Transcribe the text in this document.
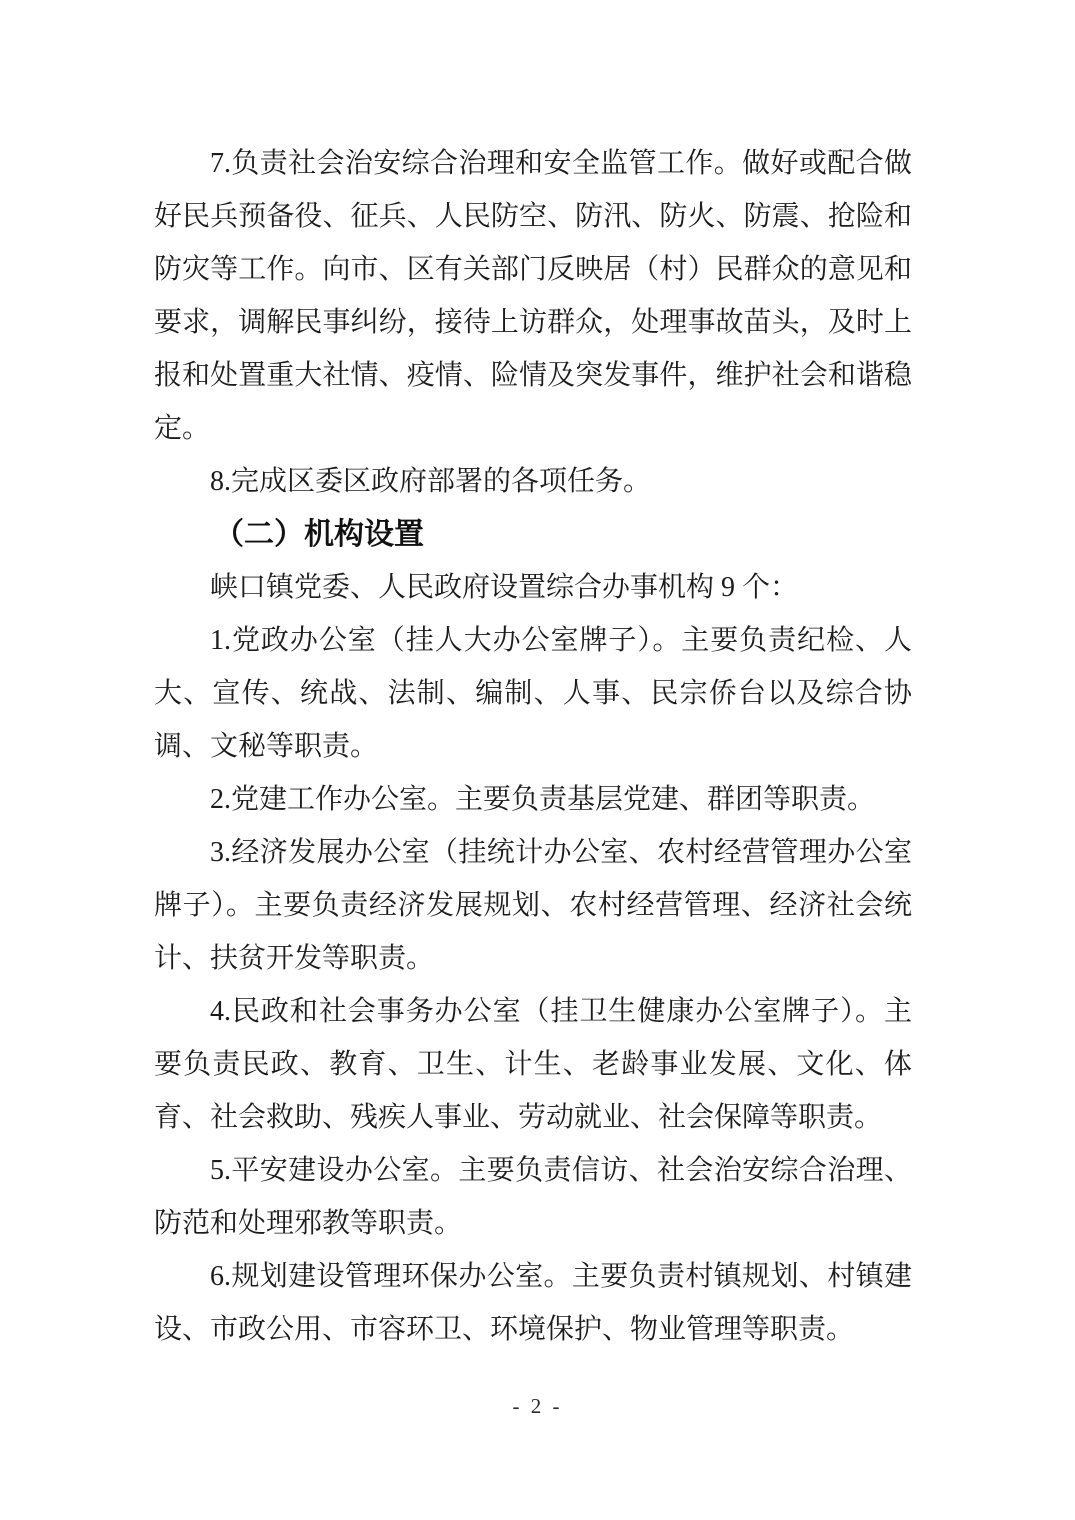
7.负责社会治安综合治理和安全监管工作。做好或配合做好民兵预备役、征兵、人民防空、防汛、防火、防震、抢险和防灾等工作。向市、区有关部门反映居（村）民群众的意见和要求，调解民事纠纷，接待上访群众，处理事故苗头，及时上报和处置重大社情、疫情、险情及突发事件，维护社会和谐稳定。

8.完成区委区政府部署的各项任务。

（二）机构设置

峡口镇党委、人民政府设置综合办事机构 9 个：

1.党政办公室（挂人大办公室牌子）。主要负责纪检、人大、宣传、统战、法制、编制、人事、民宗侨台以及综合协调、文秘等职责。

2.党建工作办公室。主要负责基层党建、群团等职责。

3.经济发展办公室（挂统计办公室、农村经营管理办公室牌子）。主要负责经济发展规划、农村经营管理、经济社会统计、扶贫开发等职责。

4.民政和社会事务办公室（挂卫生健康办公室牌子）。主要负责民政、教育、卫生、计生、老龄事业发展、文化、体育、社会救助、残疾人事业、劳动就业、社会保障等职责。

5.平安建设办公室。主要负责信访、社会治安综合治理、防范和处理邪教等职责。

6.规划建设管理环保办公室。主要负责村镇规划、村镇建设、市政公用、市容环卫、环境保护、物业管理等职责。

- 2 -
